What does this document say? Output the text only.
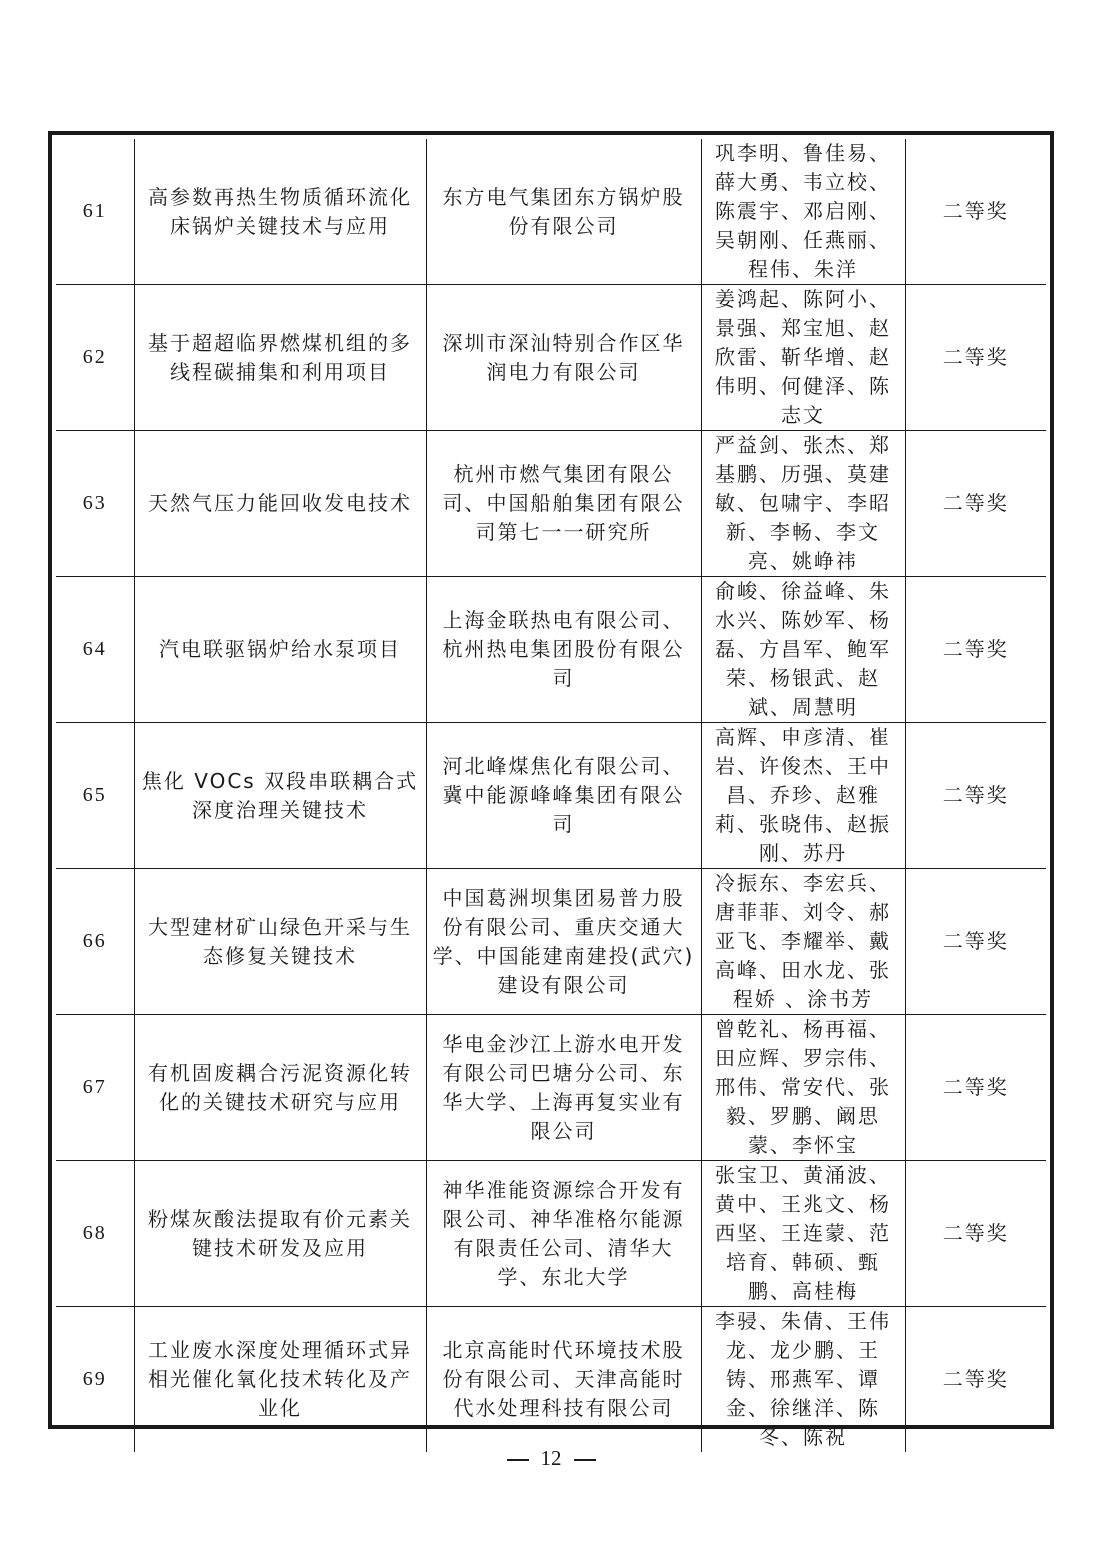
61	高参数再热生物质循环流化床锅炉关键技术与应用	东方电气集团东方锅炉股份有限公司	巩李明、鲁佳易、薛大勇、韦立校、陈震宇、邓启刚、吴朝刚、任燕丽、程伟、朱洋	二等奖
62	基于超超临界燃煤机组的多线程碳捕集和利用项目	深圳市深汕特别合作区华润电力有限公司	姜鸿起、陈阿小、景强、郑宝旭、赵欣雷、靳华增、赵伟明、何健泽、陈志文	二等奖
63	天然气压力能回收发电技术	杭州市燃气集团有限公司、中国船舶集团有限公司第七一一研究所	严益剑、张杰、郑基鹏、历强、莫建敏、包啸宇、李昭新、李畅、李文亮、姚峥祎	二等奖
64	汽电联驱锅炉给水泵项目	上海金联热电有限公司、杭州热电集团股份有限公司	俞峻、徐益峰、朱水兴、陈妙军、杨磊、方昌军、鲍军荣、杨银武、赵斌、周慧明	二等奖
65	焦化 VOCs 双段串联耦合式深度治理关键技术	河北峰煤焦化有限公司、冀中能源峰峰集团有限公司	高辉、申彦清、崔岩、许俊杰、王中昌、乔珍、赵雅莉、张晓伟、赵振刚、苏丹	二等奖
66	大型建材矿山绿色开采与生态修复关键技术	中国葛洲坝集团易普力股份有限公司、重庆交通大学、中国能建南建投(武穴)建设有限公司	冷振东、李宏兵、唐菲菲、刘令、郝亚飞、李耀举、戴高峰、田水龙、张程娇 、涂书芳	二等奖
67	有机固废耦合污泥资源化转化的关键技术研究与应用	华电金沙江上游水电开发有限公司巴塘分公司、东华大学、上海再复实业有限公司	曾乾礼、杨再福、田应辉、罗宗伟、邢伟、常安代、张毅、罗鹏、阚思蒙、李怀宝	二等奖
68	粉煤灰酸法提取有价元素关键技术研发及应用	神华准能资源综合开发有限公司、神华准格尔能源有限责任公司、清华大学、东北大学	张宝卫、黄涌波、黄中、王兆文、杨西坚、王连蒙、范培育、韩硕、甄鹏、高桂梅	二等奖
69	工业废水深度处理循环式异相光催化氧化技术转化及产业化	北京高能时代环境技术股份有限公司、天津高能时代水处理科技有限公司	李骎、朱倩、王伟龙、龙少鹏、王铸、邢燕军、谭金、徐继洋、陈冬、陈祝	二等奖
12
